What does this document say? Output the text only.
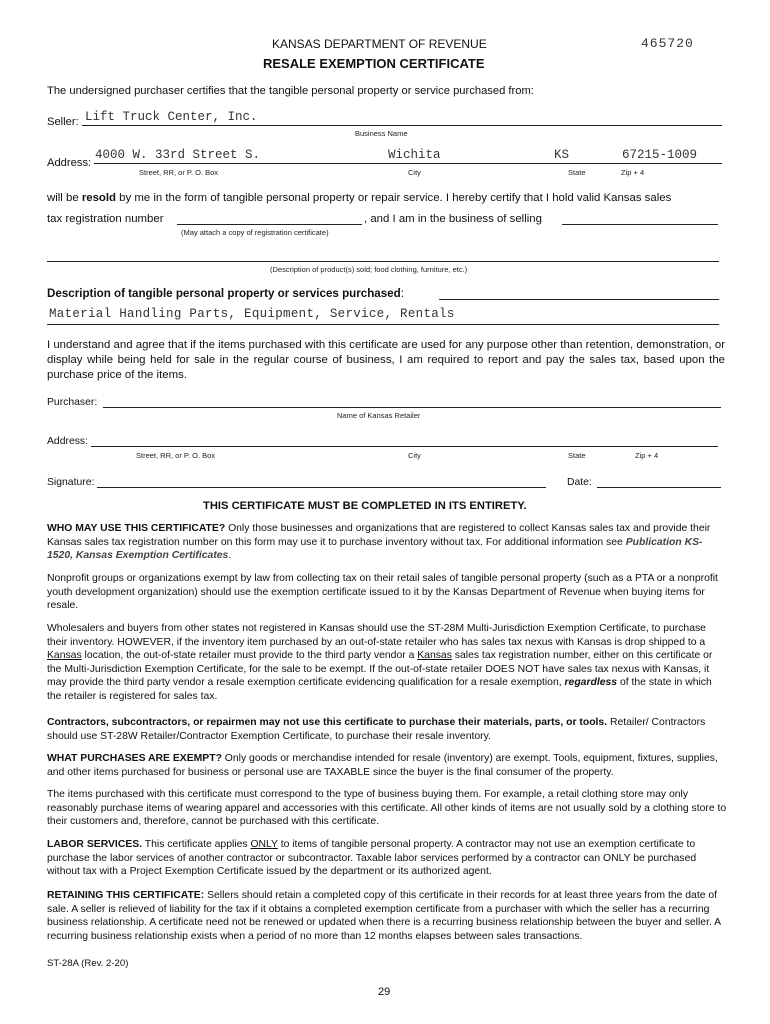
KANSAS DEPARTMENT OF REVENUE	465720
RESALE EXEMPTION CERTIFICATE
The undersigned purchaser certifies that the tangible personal property or service purchased from:
Seller: Lift Truck Center, Inc.
Business Name
Address:
4000 W. 33rd Street S.	Wichita	KS	67215-1009
Street, RR, or P. O. Box	City	State	Zip + 4
will be resold by me in the form of tangible personal property or repair service. I hereby certify that I hold valid Kansas sales
tax registration number	, and I am in the business of selling
(May attach a copy of registration certificate)
(Description of product(s) sold; food clothing, furniture, etc.)
Description of tangible personal property or services purchased:
Material Handling Parts, Equipment, Service, Rentals
I understand and agree that if the items purchased with this certificate are used for any purpose other than retention, demonstration, or display while being held for sale in the regular course of business, I am required to report and pay the sales tax, based upon the purchase price of the items.
Purchaser:
Name of Kansas Retailer
Address:
Street, RR, or P. O. Box	City	State	Zip + 4
Signature:	Date:
THIS CERTIFICATE MUST BE COMPLETED IN ITS ENTIRETY.
WHO MAY USE THIS CERTIFICATE? Only those businesses and organizations that are registered to collect Kansas sales tax and provide their Kansas sales tax registration number on this form may use it to purchase inventory without tax. For additional information see Publication KS-1520, Kansas Exemption Certificates.
Nonprofit groups or organizations exempt by law from collecting tax on their retail sales of tangible personal property (such as a PTA or a nonprofit youth development organization) should use the exemption certificate issued to it by the Kansas Department of Revenue when buying items for resale.
Wholesalers and buyers from other states not registered in Kansas should use the ST-28M Multi-Jurisdiction Exemption Certificate, to purchase their inventory. HOWEVER, if the inventory item purchased by an out-of-state retailer who has sales tax nexus with Kansas is drop shipped to a Kansas location, the out-of-state retailer must provide to the third party vendor a Kansas sales tax registration number, either on this certificate or the Multi-Jurisdiction Exemption Certificate, for the sale to be exempt. If the out-of-state retailer DOES NOT have sales tax nexus with Kansas, it may provide the third party vendor a resale exemption certificate evidencing qualification for a resale exemption, regardless of the state in which the retailer is registered for sales tax.
Contractors, subcontractors, or repairmen may not use this certificate to purchase their materials, parts, or tools. Retailer/ Contractors should use ST-28W Retailer/Contractor Exemption Certificate, to purchase their resale inventory.
WHAT PURCHASES ARE EXEMPT? Only goods or merchandise intended for resale (inventory) are exempt. Tools, equipment, fixtures, supplies, and other items purchased for business or personal use are TAXABLE since the buyer is the final consumer of the property.
The items purchased with this certificate must correspond to the type of business buying them. For example, a retail clothing store may only reasonably purchase items of wearing apparel and accessories with this certificate. All other kinds of items are not usually sold by a clothing store to their customers and, therefore, cannot be purchased with this certificate.
LABOR SERVICES. This certificate applies ONLY to items of tangible personal property. A contractor may not use an exemption certificate to purchase the labor services of another contractor or subcontractor. Taxable labor services performed by a contractor can ONLY be purchased without tax with a Project Exemption Certificate issued by the department or its authorized agent.
RETAINING THIS CERTIFICATE: Sellers should retain a completed copy of this certificate in their records for at least three years from the date of sale. A seller is relieved of liability for the tax if it obtains a completed exemption certificate from a purchaser with which the seller has a recurring business relationship. A certificate need not be renewed or updated when there is a recurring business relationship between the buyer and seller. A recurring business relationship exists when a period of no more than 12 months elapses between sales transactions.
ST-28A (Rev. 2-20)
29
